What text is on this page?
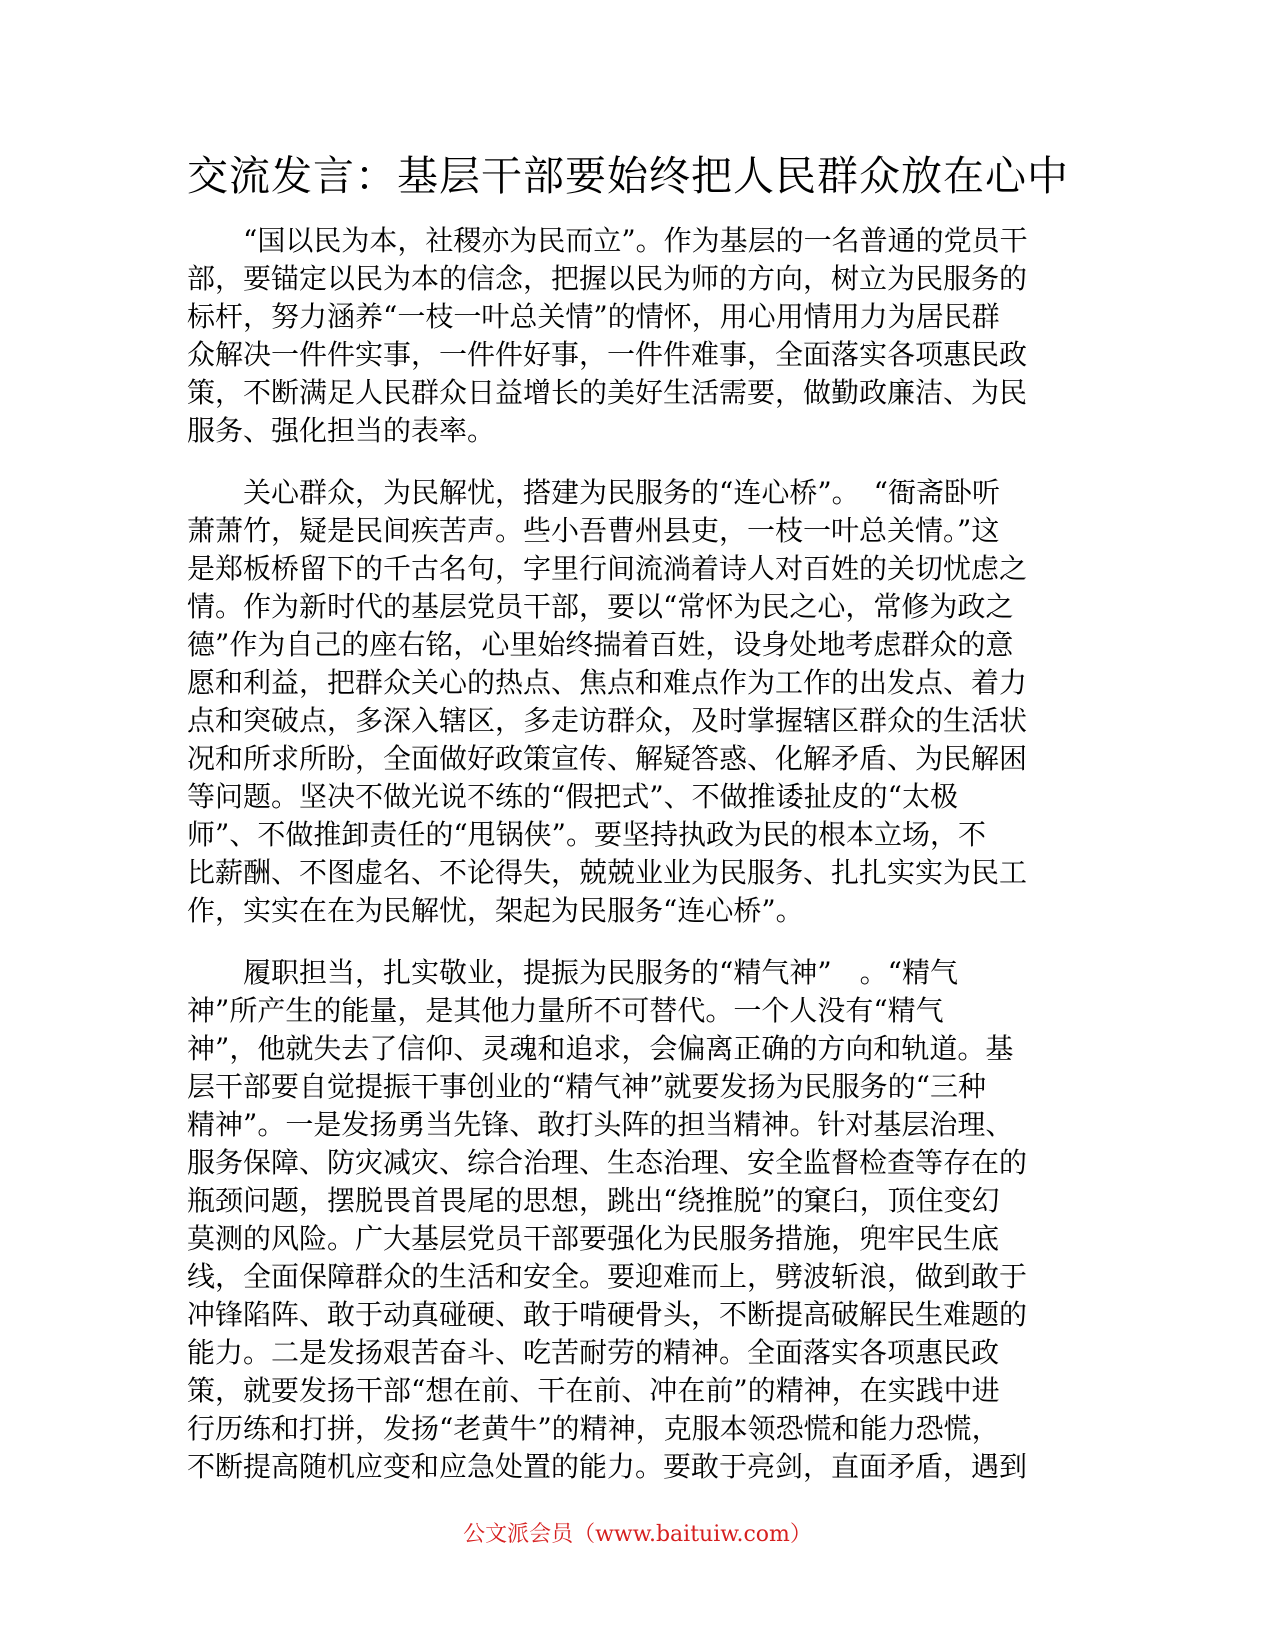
交流发言：基层干部要始终把人民群众放在心中

　　“国以民为本，社稷亦为民而立”。作为基层的一名普通的党员干
部，要锚定以民为本的信念，把握以民为师的方向，树立为民服务的
标杆，努力涵养“一枝一叶总关情”的情怀，用心用情用力为居民群
众解决一件件实事，一件件好事，一件件难事，全面落实各项惠民政
策，不断满足人民群众日益增长的美好生活需要，做勤政廉洁、为民
服务、强化担当的表率。

　　关心群众，为民解忧，搭建为民服务的“连心桥”。　“衙斋卧听
萧萧竹，疑是民间疾苦声。些小吾曹州县吏，一枝一叶总关情。”这
是郑板桥留下的千古名句，字里行间流淌着诗人对百姓的关切忧虑之
情。作为新时代的基层党员干部，要以“常怀为民之心，常修为政之
德”作为自己的座右铭，心里始终揣着百姓，设身处地考虑群众的意
愿和利益，把群众关心的热点、焦点和难点作为工作的出发点、着力
点和突破点，多深入辖区，多走访群众，及时掌握辖区群众的生活状
况和所求所盼，全面做好政策宣传、解疑答惑、化解矛盾、为民解困
等问题。坚决不做光说不练的“假把式”、不做推诿扯皮的“太极
师”、不做推卸责任的“甩锅侠”。要坚持执政为民的根本立场，不
比薪酬、不图虚名、不论得失，兢兢业业为民服务、扎扎实实为民工
作，实实在在为民解忧，架起为民服务“连心桥”。

　　履职担当，扎实敬业，提振为民服务的“精气神”　。“精气
神”所产生的能量，是其他力量所不可替代。一个人没有“精气
神”，他就失去了信仰、灵魂和追求，会偏离正确的方向和轨道。基
层干部要自觉提振干事创业的“精气神”就要发扬为民服务的“三种
精神”。一是发扬勇当先锋、敢打头阵的担当精神。针对基层治理、
服务保障、防灾减灾、综合治理、生态治理、安全监督检查等存在的
瓶颈问题，摆脱畏首畏尾的思想，跳出“绕推脱”的窠臼，顶住变幻
莫测的风险。广大基层党员干部要强化为民服务措施，兜牢民生底
线，全面保障群众的生活和安全。要迎难而上，劈波斩浪，做到敢于
冲锋陷阵、敢于动真碰硬、敢于啃硬骨头，不断提高破解民生难题的
能力。二是发扬艰苦奋斗、吃苦耐劳的精神。全面落实各项惠民政
策，就要发扬干部“想在前、干在前、冲在前”的精神，在实践中进
行历练和打拼，发扬“老黄牛”的精神，克服本领恐慌和能力恐慌，
不断提高随机应变和应急处置的能力。要敢于亮剑，直面矛盾，遇到

公文派会员（www.baituiw.com）
